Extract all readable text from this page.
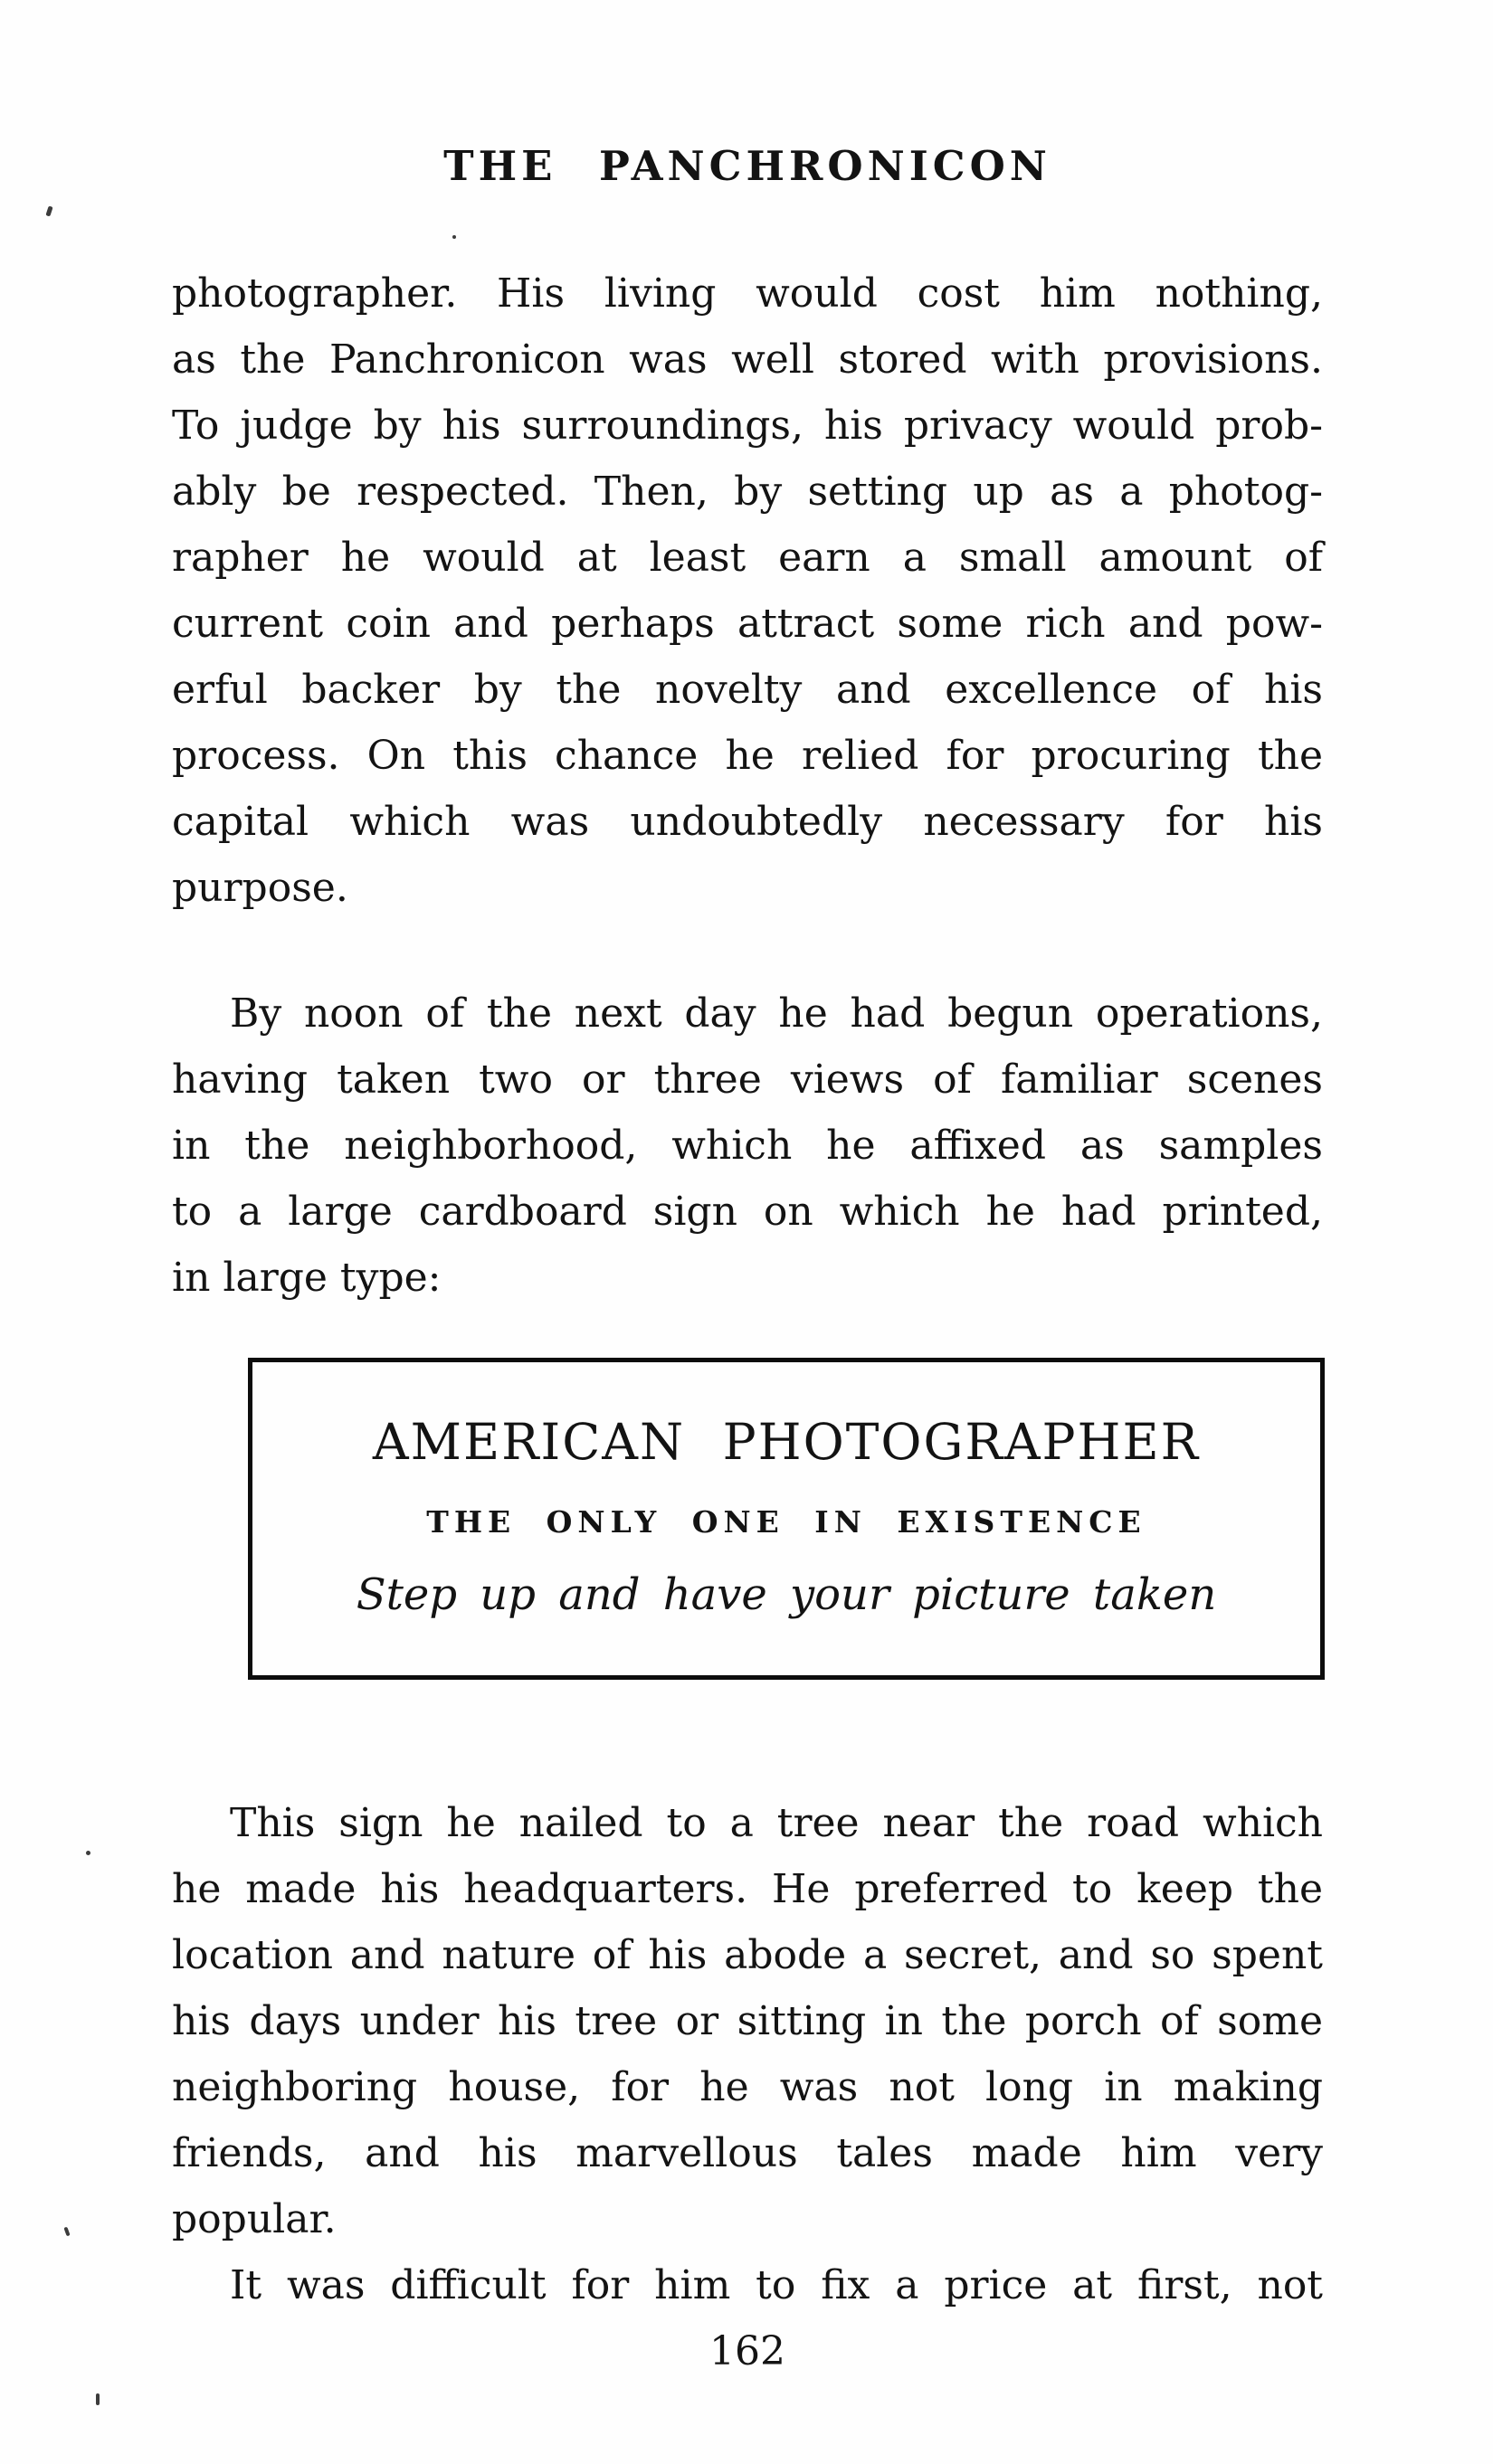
THE PANCHRONICON
photographer. His living would cost him nothing,
as the Panchronicon was well stored with provisions.
To judge by his surroundings, his privacy would prob-
ably be respected. Then, by setting up as a photog-
rapher he would at least earn a small amount of
current coin and perhaps attract some rich and pow-
erful backer by the novelty and excellence of his
process. On this chance he relied for procuring the
capital which was undoubtedly necessary for his
purpose.
By noon of the next day he had begun operations,
having taken two or three views of familiar scenes
in the neighborhood, which he affixed as samples
to a large cardboard sign on which he had printed,
in large type:
AMERICAN PHOTOGRAPHER
THE ONLY ONE IN EXISTENCE
Step up and have your picture taken
This sign he nailed to a tree near the road which
he made his headquarters. He preferred to keep the
location and nature of his abode a secret, and so spent
his days under his tree or sitting in the porch of some
neighboring house, for he was not long in making
friends, and his marvellous tales made him very
popular.
It was difficult for him to fix a price at first, not
162
